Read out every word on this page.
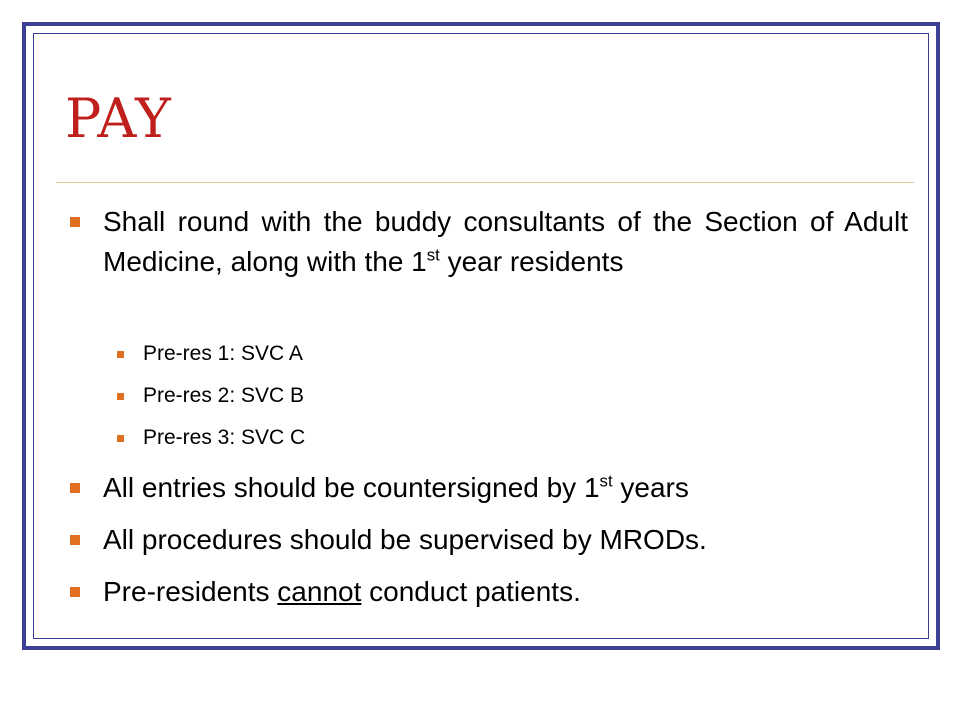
PAY
Shall round with the buddy consultants of the Section of Adult Medicine, along with the 1st year residents
Pre-res 1: SVC A
Pre-res 2: SVC B
Pre-res 3: SVC C
All entries should be countersigned by 1st years
All procedures should be supervised by MRODs.
Pre-residents cannot conduct patients.
